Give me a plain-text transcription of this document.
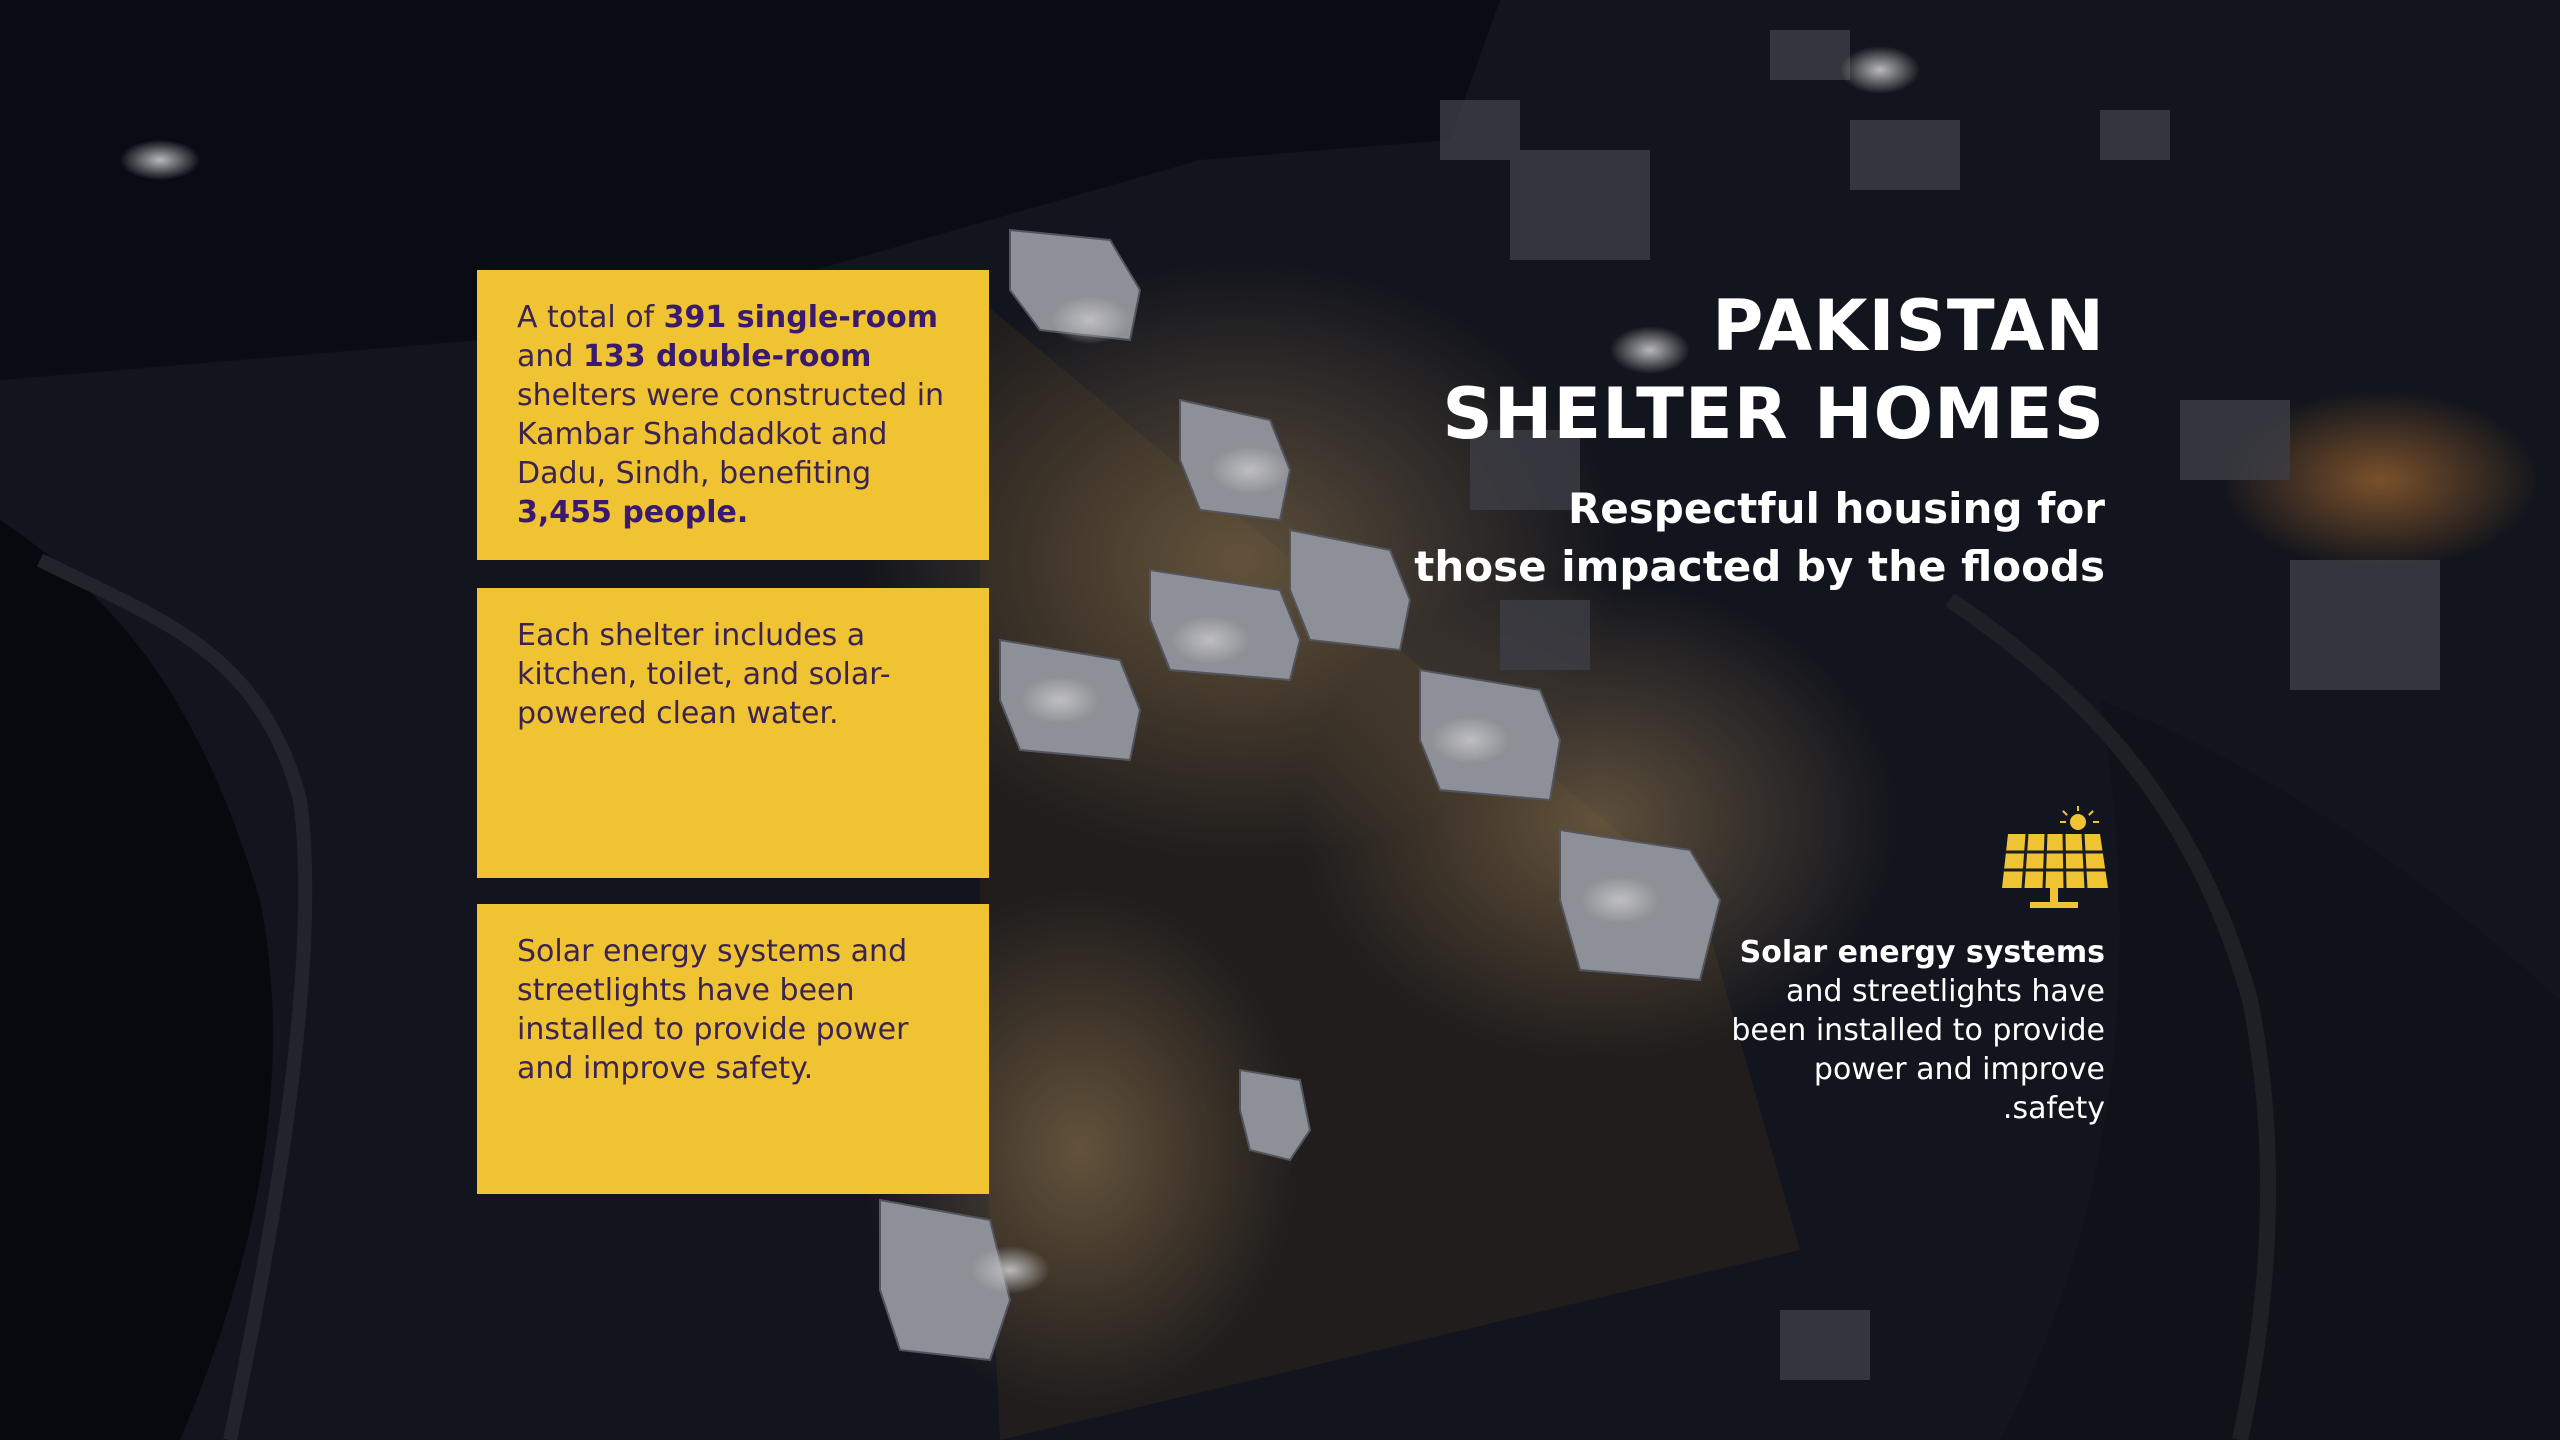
A total of 391 single-room and 133 double-room shelters were constructed in Kambar Shahdadkot and Dadu, Sindh, benefiting 3,455 people.
Each shelter includes a kitchen, toilet, and solar-powered clean water.
Solar energy systems and streetlights have been installed to provide power and improve safety.
PAKISTAN
SHELTER HOMES
Respectful housing for
those impacted by the floods
Solar energy systems
and streetlights have
been installed to provide
power and improve
.safety
